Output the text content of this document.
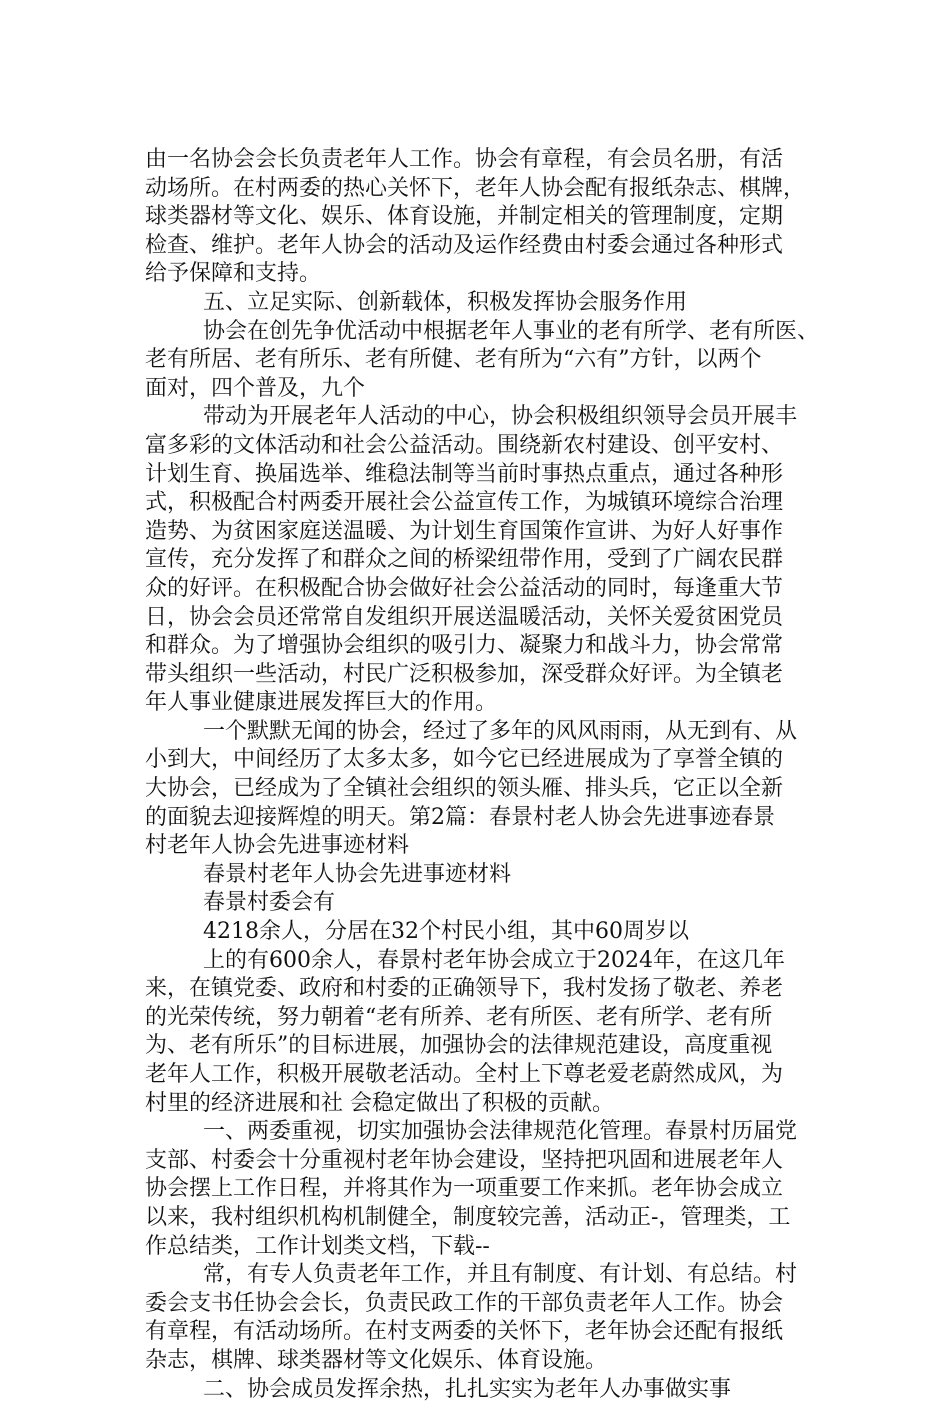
由一名协会会长负责老年人工作。协会有章程，有会员名册，有活

动场所。在村两委的热心关怀下，老年人协会配有报纸杂志、棋牌，

球类器材等文化、娱乐、体育设施，并制定相关的管理制度，定期

检查、维护。老年人协会的活动及运作经费由村委会通过各种形式

给予保障和支持。

五、立足实际、创新载体，积极发挥协会服务作用

协会在创先争优活动中根据老年人事业的老有所学、老有所医、

老有所居、老有所乐、老有所健、老有所为“六有”方针，以两个

面对，四个普及，九个

带动为开展老年人活动的中心，协会积极组织领导会员开展丰

富多彩的文体活动和社会公益活动。围绕新农村建设、创平安村、

计划生育、换届选举、维稳法制等当前时事热点重点，通过各种形

式，积极配合村两委开展社会公益宣传工作，为城镇环境综合治理

造势、为贫困家庭送温暖、为计划生育国策作宣讲、为好人好事作

宣传，充分发挥了和群众之间的桥梁纽带作用，受到了广阔农民群

众的好评。在积极配合协会做好社会公益活动的同时，每逢重大节

日，协会会员还常常自发组织开展送温暖活动，关怀关爱贫困党员

和群众。为了增强协会组织的吸引力、凝聚力和战斗力，协会常常

带头组织一些活动，村民广泛积极参加，深受群众好评。为全镇老

年人事业健康进展发挥巨大的作用。

一个默默无闻的协会，经过了多年的风风雨雨，从无到有、从

小到大，中间经历了太多太多，如今它已经进展成为了享誉全镇的

大协会，已经成为了全镇社会组织的领头雁、排头兵，它正以全新

的面貌去迎接辉煌的明天。第2篇：春景村老人协会先进事迹春景

村老年人协会先进事迹材料

春景村老年人协会先进事迹材料

春景村委会有

4218余人，分居在32个村民小组，其中60周岁以

上的有600余人，春景村老年协会成立于2024年，在这几年

来，在镇党委、政府和村委的正确领导下，我村发扬了敬老、养老

的光荣传统，努力朝着“老有所养、老有所医、老有所学、老有所

为、老有所乐”的目标进展，加强协会的法律规范建设，高度重视

老年人工作，积极开展敬老活动。全村上下尊老爱老蔚然成风，为

村里的经济进展和社 会稳定做出了积极的贡献。

一、两委重视，切实加强协会法律规范化管理。春景村历届党

支部、村委会十分重视村老年协会建设，坚持把巩固和进展老年人

协会摆上工作日程，并将其作为一项重要工作来抓。老年协会成立

以来，我村组织机构机制健全，制度较完善，活动正-，管理类，工

作总结类，工作计划类文档，下载--

常，有专人负责老年工作，并且有制度、有计划、有总结。村

委会支书任协会会长，负责民政工作的干部负责老年人工作。协会

有章程，有活动场所。在村支两委的关怀下，老年协会还配有报纸

杂志，棋牌、球类器材等文化娱乐、体育设施。

二、协会成员发挥余热，扎扎实实为老年人办事做实事
